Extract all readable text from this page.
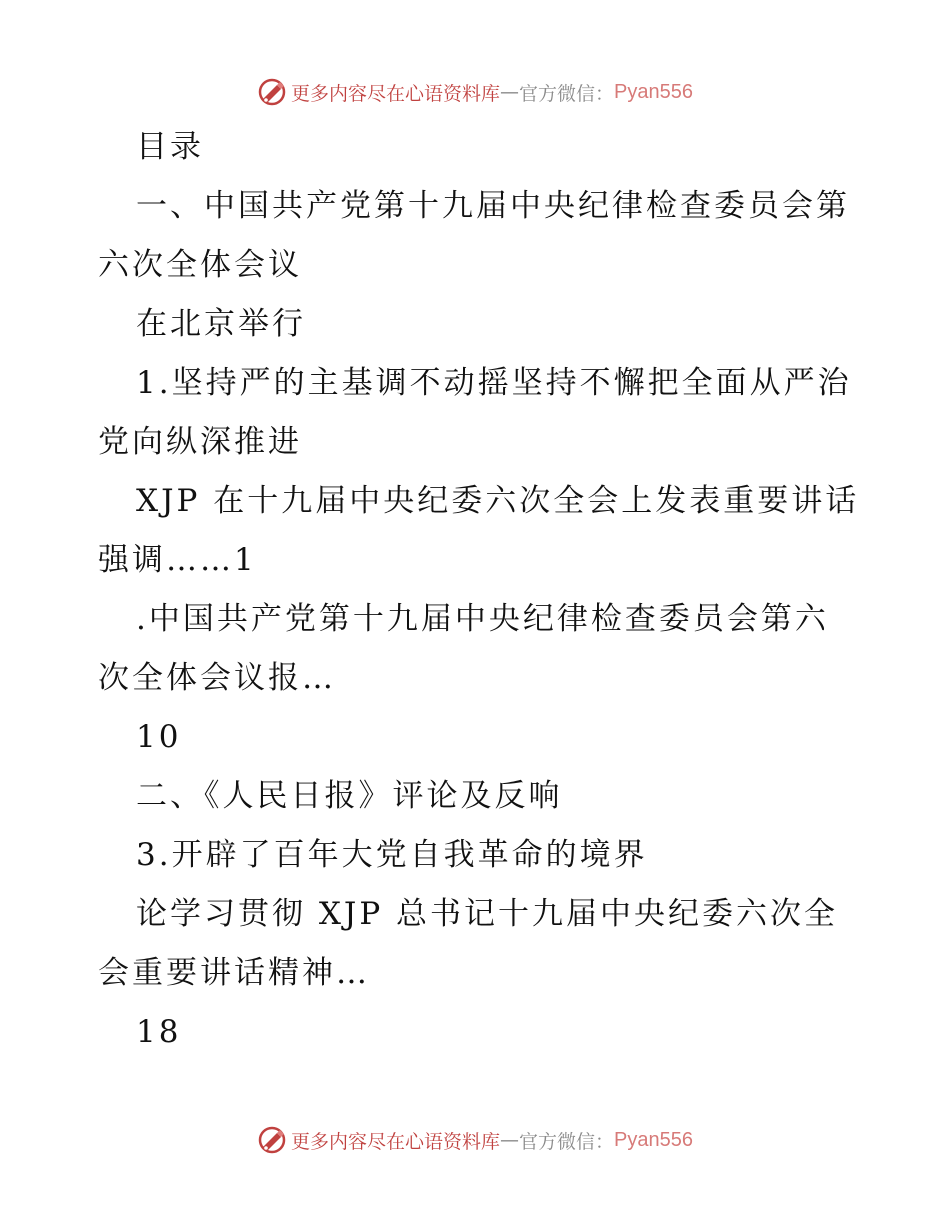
更多内容尽在心语资料库 — 官方微信： Pyan556
目录
一、中国共产党第十九届中央纪律检查委员会第
六次全体会议
在北京举行
1.坚持严的主基调不动摇坚持不懈把全面从严治
党向纵深推进
XJP 在十九届中央纪委六次全会上发表重要讲话
强调……1
.中国共产党第十九届中央纪律检查委员会第六
次全体会议报…
10
二、《人民日报》评论及反响
3.开辟了百年大党自我革命的境界
论学习贯彻 XJP 总书记十九届中央纪委六次全
会重要讲话精神…
18
更多内容尽在心语资料库 — 官方微信： Pyan556
